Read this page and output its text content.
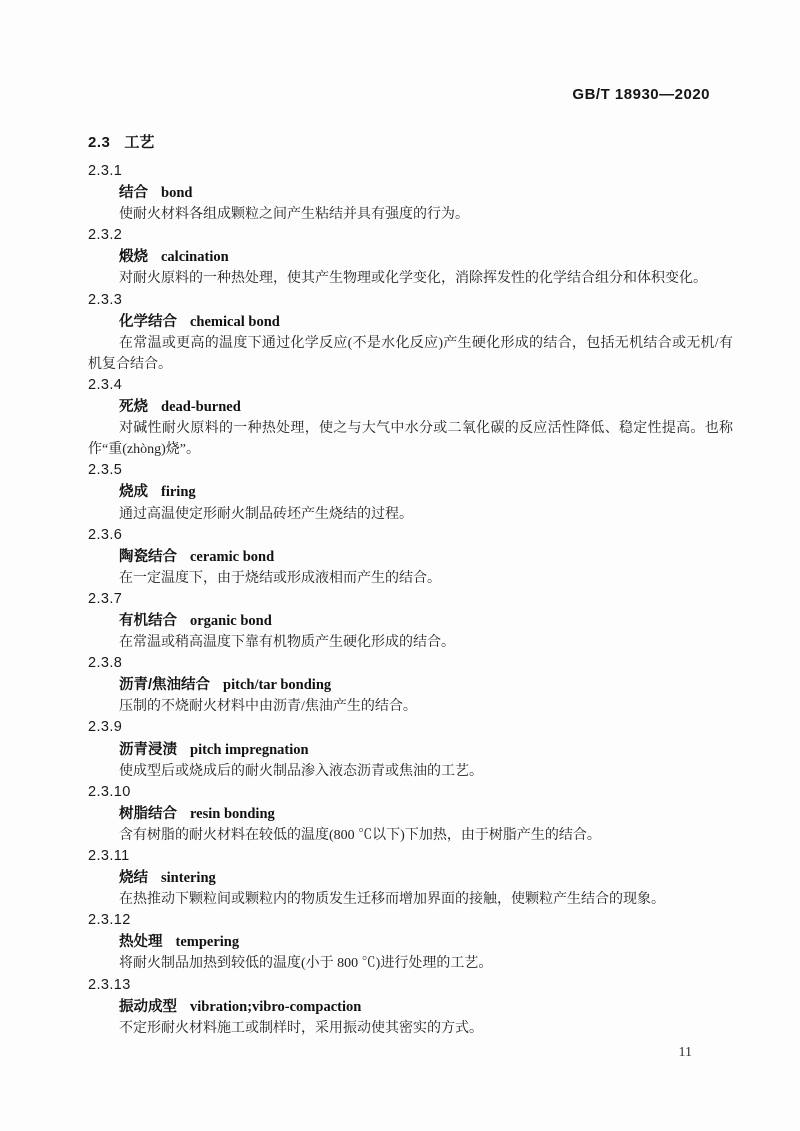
GB/T 18930—2020
2.3 工艺
2.3.1
结合 bond

使耐火材料各组成颗粒之间产生粘结并具有强度的行为。

2.3.2
煅烧 calcination

对耐火原料的一种热处理，使其产生物理或化学变化，消除挥发性的化学结合组分和体积变化。

2.3.3
化学结合 chemical bond

在常温或更高的温度下通过化学反应(不是水化反应)产生硬化形成的结合，包括无机结合或无机/有机复合结合。

2.3.4
死烧 dead-burned

对碱性耐火原料的一种热处理，使之与大气中水分或二氧化碳的反应活性降低、稳定性提高。也称作“重(zhòng)烧”。

2.3.5
烧成 firing

通过高温使定形耐火制品砖坯产生烧结的过程。

2.3.6
陶瓷结合 ceramic bond

在一定温度下，由于烧结或形成液相而产生的结合。

2.3.7
有机结合 organic bond

在常温或稍高温度下靠有机物质产生硬化形成的结合。

2.3.8
沥青/焦油结合 pitch/tar bonding

压制的不烧耐火材料中由沥青/焦油产生的结合。

2.3.9
沥青浸渍 pitch impregnation

使成型后或烧成后的耐火制品渗入液态沥青或焦油的工艺。

2.3.10
树脂结合 resin bonding

含有树脂的耐火材料在较低的温度(800 ℃以下)下加热，由于树脂产生的结合。

2.3.11
烧结 sintering

在热推动下颗粒间或颗粒内的物质发生迁移而增加界面的接触，使颗粒产生结合的现象。

2.3.12
热处理 tempering

将耐火制品加热到较低的温度(小于 800 ℃)进行处理的工艺。

2.3.13
振动成型 vibration;vibro-compaction

不定形耐火材料施工或制样时，采用振动使其密实的方式。

11
